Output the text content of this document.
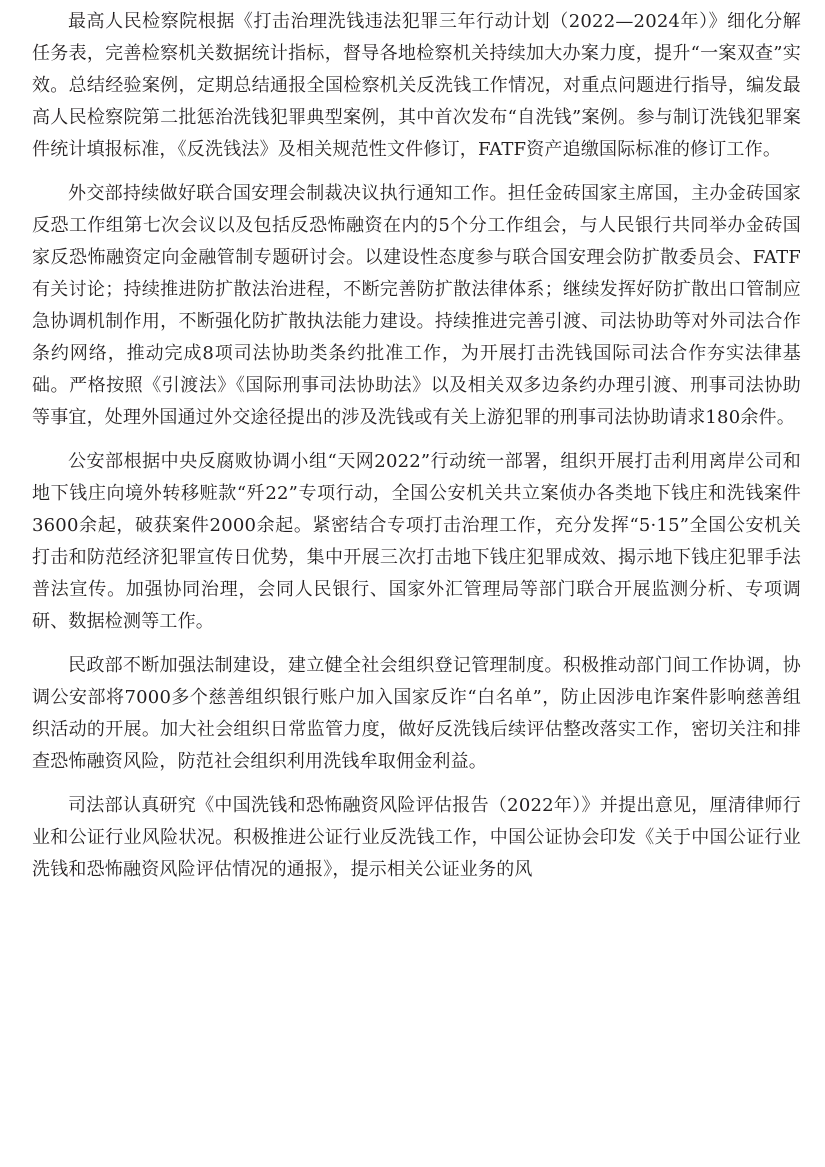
最高人民检察院根据《打击治理洗钱违法犯罪三年行动计划（2022—2024年）》细化分解任务表，完善检察机关数据统计指标，督导各地检察机关持续加大办案力度，提升“一案双查”实效。总结经验案例，定期总结通报全国检察机关反洗钱工作情况，对重点问题进行指导，编发最高人民检察院第二批惩治洗钱犯罪典型案例，其中首次发布“自洗钱”案例。参与制订洗钱犯罪案件统计填报标准，《反洗钱法》及相关规范性文件修订，FATF资产追缴国际标准的修订工作。

外交部持续做好联合国安理会制裁决议执行通知工作。担任金砖国家主席国，主办金砖国家反恐工作组第七次会议以及包括反恐怖融资在内的5个分工作组会，与人民银行共同举办金砖国家反恐怖融资定向金融管制专题研讨会。以建设性态度参与联合国安理会防扩散委员会、FATF有关讨论；持续推进防扩散法治进程，不断完善防扩散法律体系；继续发挥好防扩散出口管制应急协调机制作用，不断强化防扩散执法能力建设。持续推进完善引渡、司法协助等对外司法合作条约网络，推动完成8项司法协助类条约批准工作，为开展打击洗钱国际司法合作夯实法律基础。严格按照《引渡法》《国际刑事司法协助法》以及相关双多边条约办理引渡、刑事司法协助等事宜，处理外国通过外交途径提出的涉及洗钱或有关上游犯罪的刑事司法协助请求180余件。

公安部根据中央反腐败协调小组“天网2022”行动统一部署，组织开展打击利用离岸公司和地下钱庄向境外转移赃款“歼22”专项行动，全国公安机关共立案侦办各类地下钱庄和洗钱案件3600余起，破获案件2000余起。紧密结合专项打击治理工作，充分发挥“5·15”全国公安机关打击和防范经济犯罪宣传日优势，集中开展三次打击地下钱庄犯罪成效、揭示地下钱庄犯罪手法普法宣传。加强协同治理，会同人民银行、国家外汇管理局等部门联合开展监测分析、专项调研、数据检测等工作。

民政部不断加强法制建设，建立健全社会组织登记管理制度。积极推动部门间工作协调，协调公安部将7000多个慈善组织银行账户加入国家反诈“白名单”，防止因涉电诈案件影响慈善组织活动的开展。加大社会组织日常监管力度，做好反洗钱后续评估整改落实工作，密切关注和排查恐怖融资风险，防范社会组织利用洗钱牟取佣金利益。

司法部认真研究《中国洗钱和恐怖融资风险评估报告（2022年）》并提出意见，厘清律师行业和公证行业风险状况。积极推进公证行业反洗钱工作，中国公证协会印发《关于中国公证行业洗钱和恐怖融资风险评估情况的通报》，提示相关公证业务的风
